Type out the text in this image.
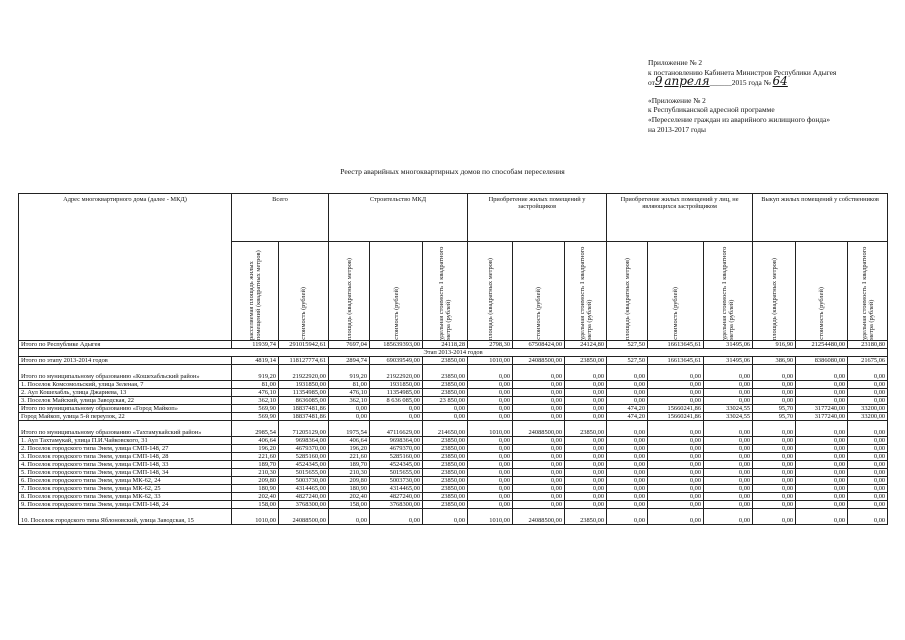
Приложение № 2
к постановлению Кабинета Министров Республики Адыгея
от9 апреля______2015 года № 64
«Приложение № 2
к Республиканской адресной программе
«Переселение граждан из аварийного жилищного фонда»
на 2013-2017 годы
Реестр аварийных многоквартирных домов по способам переселения
Адрес многоквартирного дома (далее - МКД)	Всего		Строительство МКД			Приобретение жилых помещений у застройщиков			Приобретение жилых помещений у лиц, не являющихся застройщиком			Выкуп жилых помещений у собственников		

	расселяемая площадь жилых помещений (квадратных метров)	стоимость (рублей)	площадь (квадратных метров)	стоимость (рублей)	удельная стоимость 1 квадратного метра (рублей)	площадь (квадратных метров)	стоимость (рублей)	удельная стоимость 1 квадратного метра (рублей)	площадь (квадратных метров)	стоимость (рублей)	удельная стоимость 1 квадратного метра (рублей)	площадь (квадратных метров)	стоимость (рублей)	удельная стоимость 1 квадратного метра (рублей)

Итого по Республике Адыгея	11939,74	291015942,61	7697,04	185639393,00	24118,28	2798,30	67508424,00	24124,80	527,50	16613645,61	31495,06	916,90	21254480,00	23180,80
Этап 2013-2014 годов														
Итого по этапу 2013-2014 годов	4819,14	118127774,61	2894,74	69039549,00	23850,00	1010,00	24088500,00	23850,00	527,50	16613645,61	31495,06	386,90	8386080,00	21675,06
Итого по муниципальному образованию «Кошехабльский район»	919,20	21922920,00	919,20	21922920,00	23850,00	0,00	0,00	0,00	0,00	0,00	0,00	0,00	0,00	0,00
1. Поселок Комсомольский, улица Зеленая, 7	81,00	1931850,00	81,00	1931850,00	23850,00	0,00	0,00	0,00	0,00	0,00	0,00	0,00	0,00	0,00
2. Аул Кошехабль, улица Джариева, 13	476,10	11354985,00	476,10	11354985,00	23850,00	0,00	0,00	0,00	0,00	0,00	0,00	0,00	0,00	0,00
3. Поселок Майский, улица Заводская, 22	362,10	8636085,00	362,10	8 636 085,00	23 850,00	0,00	0,00	0,00	0,00	0,00	0,00	0,00	0,00	0,00
Итого по муниципальному образованию «Город Майкоп»	569,90	18837481,86	0,00	0,00	0,00	0,00	0,00	0,00	474,20	15660241,86	33024,55	95,70	3177240,00	33200,00
Город Майкоп, улица 5-й переулок, 22	569,90	18837481,86	0,00	0,00	0,00	0,00	0,00	0,00	474,20	15660241,86	33024,55	95,70	3177240,00	33200,00
Итого по муниципальному образованию «Тахтамукайский район»	2985,54	71205129,00	1975,54	47116629,00	214650,00	1010,00	24088500,00	23850,00	0,00	0,00	0,00	0,00	0,00	0,00
1. Аул Тахтамукай, улица П.И.Чайковского, 31	406,64	9698364,00	406,64	9698364,00	23850,00	0,00	0,00	0,00	0,00	0,00	0,00	0,00	0,00	0,00
2. Поселок городского типа Энем, улица СМП-148, 27	196,20	4679370,00	196,20	4679370,00	23850,00	0,00	0,00	0,00	0,00	0,00	0,00	0,00	0,00	0,00
3. Поселок городского типа Энем, улица СМП-148, 28	221,60	5285160,00	221,60	5285160,00	23850,00	0,00	0,00	0,00	0,00	0,00	0,00	0,00	0,00	0,00
4. Поселок городского типа Энем, улица СМП-148, 33	189,70	4524345,00	189,70	4524345,00	23850,00	0,00	0,00	0,00	0,00	0,00	0,00	0,00	0,00	0,00
5. Поселок городского типа Энем, улица СМП-148, 34	210,30	5015655,00	210,30	5015655,00	23850,00	0,00	0,00	0,00	0,00	0,00	0,00	0,00	0,00	0,00
6. Поселок городского типа Энем, улица МК-62, 24	209,80	5003730,00	209,80	5003730,00	23850,00	0,00	0,00	0,00	0,00	0,00	0,00	0,00	0,00	0,00
7. Поселок городского типа Энем, улица МК-62, 25	180,90	4314465,00	180,90	4314465,00	23850,00	0,00	0,00	0,00	0,00	0,00	0,00	0,00	0,00	0,00
8. Поселок городского типа Энем, улица МК-62, 33	202,40	4827240,00	202,40	4827240,00	23850,00	0,00	0,00	0,00	0,00	0,00	0,00	0,00	0,00	0,00
9. Поселок городского типа Энем, улица СМП-148, 24	158,00	3768300,00	158,00	3768300,00	23850,00	0,00	0,00	0,00	0,00	0,00	0,00	0,00	0,00	0,00
10. Поселок городского типа Яблоновский, улица Заводская, 15	1010,00	24088500,00	0,00	0,00	0,00	1010,00	24088500,00	23850,00	0,00	0,00	0,00	0,00	0,00	0,00
